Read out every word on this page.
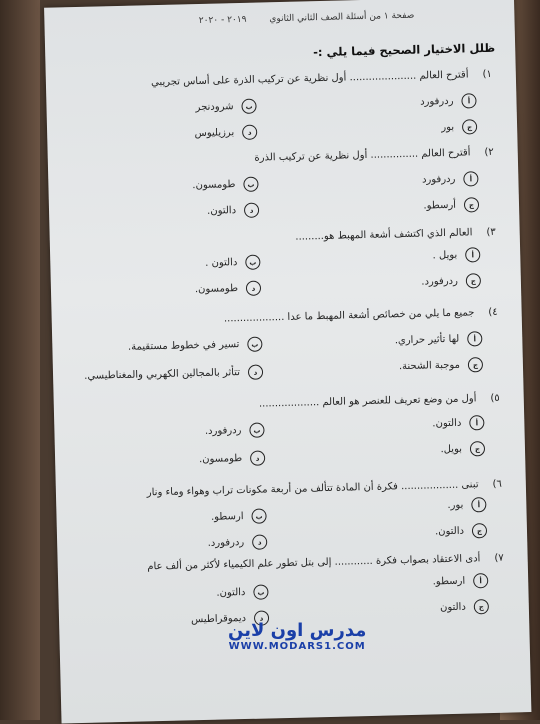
صفحة ١ من أسئلة الصف الثاني الثانوي ٢٠١٩ - ٢٠٢٠
ظلل الاختيار الصحيح فيما يلي :-
١)أقترح العالم ..................... أول نظرية عن تركيب الذرة على أساس تجريبي
أ
ردرفورد
ب
شرودنجر
ج
بور
د
برزيليوس
٢)أقترح العالم ............... أول نظرية عن تركيب الذرة
أ
ردرفورد
ب
طومسون.
ج
أرسطو.
د
دالتون.
٣)العالم الذي اكتشف أشعة المهبط هو.........
أ
بويل .
ب
دالتون .
ج
ردرفورد.
د
طومسون.
٤)جميع ما يلي من خصائص أشعة المهبط ما عدا ...................
أ
لها تأثير حراري.
ب
تسير في خطوط مستقيمة.
ج
موجبة الشحنة.
د
تتأثر بالمجالين الكهربي والمغناطيسي.
٥)أول من وضع تعريف للعنصر هو العالم ...................
أ
دالتون.
ب
ردرفورد.
ج
بويل.
د
طومسون.
٦)تبنى .................. فكرة أن المادة تتألف من أربعة مكونات تراب وهواء وماء ونار
أ
بور.
ب
ارسطو.
ج
دالتون.
د
ردرفورد.
٧)أدى الاعتقاد بصواب فكرة ............ إلى بتل تطور علم الكيمياء لأكثر من ألف عام
أ
ارسطو.
ب
دالتون.
ج
دالتون
د
ديموقراطيس
مدرس اون لاين
WWW.MODARS1.COM
